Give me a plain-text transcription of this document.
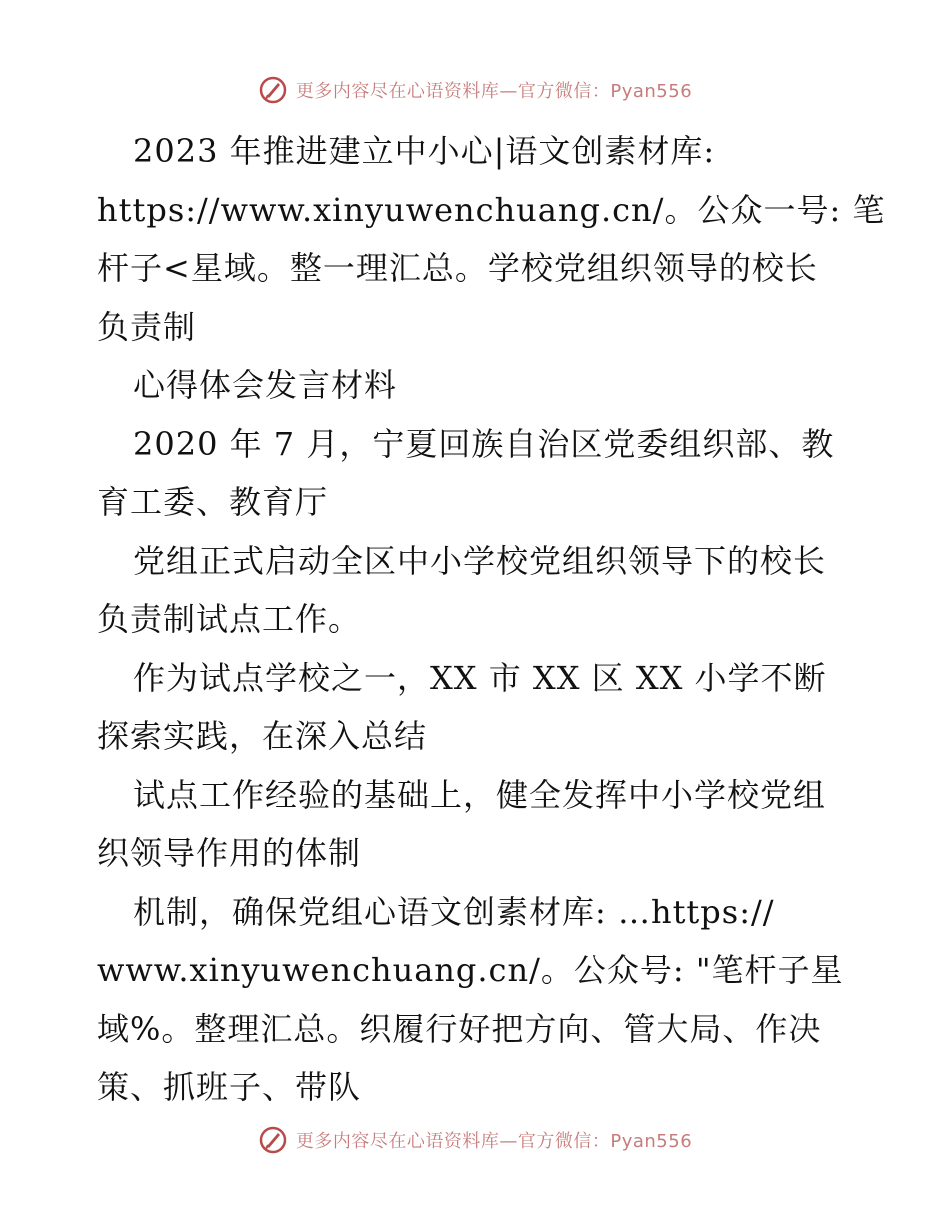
更多内容尽在心语资料库—官方微信：Pyan556
2023 年推进建立中小心|语文创素材库:
https://www.xinyuwenchuang.cn/。公众一号: 笔
杆子<星域。整一理汇总。学校党组织领导的校长
负责制
心得体会发言材料
2020 年 7 月，宁夏回族自治区党委组织部、教
育工委、教育厅
党组正式启动全区中小学校党组织领导下的校长
负责制试点工作。
作为试点学校之一，XX 市 XX 区 XX 小学不断
探索实践，在深入总结
试点工作经验的基础上，健全发挥中小学校党组
织领导作用的体制
机制，确保党组心语文创素材库: …https://
www.xinyuwenchuang.cn/。公众号: "笔杆子星
域%。整理汇总。织履行好把方向、管大局、作决
策、抓班子、带队
更多内容尽在心语资料库—官方微信：Pyan556
